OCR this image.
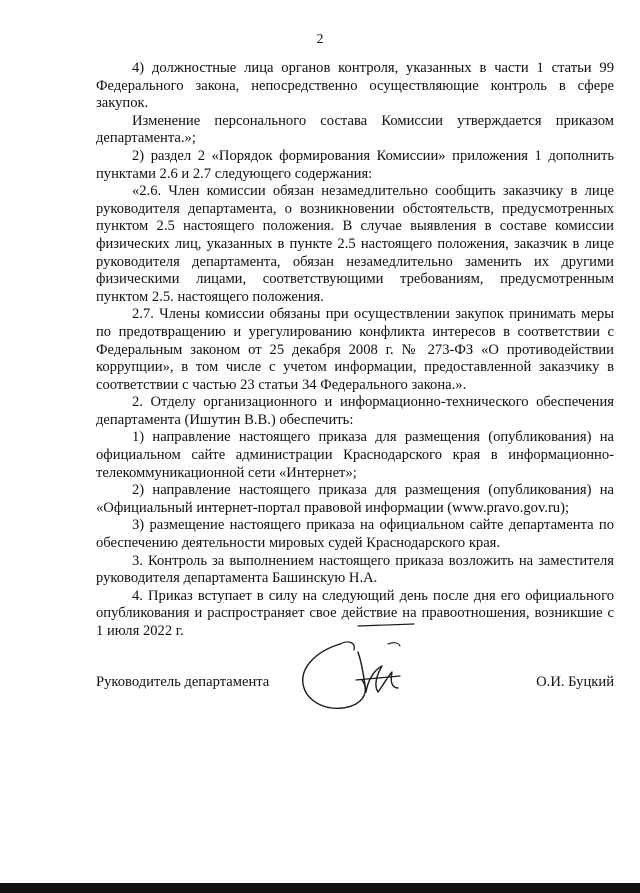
2

4) должностные лица органов контроля, указанных в части 1 статьи 99 Федерального закона, непосредственно осуществляющие контроль в сфере закупок.

Изменение персонального состава Комиссии утверждается приказом департамента.»;

2) раздел 2 «Порядок формирования Комиссии» приложения 1 дополнить пунктами 2.6 и 2.7 следующего содержания:

«2.6. Член комиссии обязан незамедлительно сообщить заказчику в лице руководителя департамента, о возникновении обстоятельств, предусмотренных пунктом 2.5 настоящего положения. В случае выявления в составе комиссии физических лиц, указанных в пункте 2.5 настоящего положения, заказчик в лице руководителя департамента, обязан незамедлительно заменить их другими физическими лицами, соответствующими требованиям, предусмотренным пунктом 2.5. настоящего положения.

2.7. Члены комиссии обязаны при осуществлении закупок принимать меры по предотвращению и урегулированию конфликта интересов в соответствии с Федеральным законом от 25 декабря 2008 г. № 273-ФЗ «О противодействии коррупции», в том числе с учетом информации, предоставленной заказчику в соответствии с частью 23 статьи 34 Федерального закона.».

2. Отделу организационного и информационно-технического обеспечения департамента (Ишутин В.В.) обеспечить:

1) направление настоящего приказа для размещения (опубликования) на официальном сайте администрации Краснодарского края в информационно-телекоммуникационной сети «Интернет»;

2) направление настоящего приказа для размещения (опубликования) на «Официальный интернет-портал правовой информации (www.pravo.gov.ru);

3) размещение настоящего приказа на официальном сайте департамента по обеспечению деятельности мировых судей Краснодарского края.

3. Контроль за выполнением настоящего приказа возложить на заместителя руководителя департамента Башинскую Н.А.

4. Приказ вступает в силу на следующий день после дня его официального опубликования и распространяет свое действие на правоотношения, возникшие с 1 июля 2022 г.

Руководитель департамента	О.И. Буцкий
